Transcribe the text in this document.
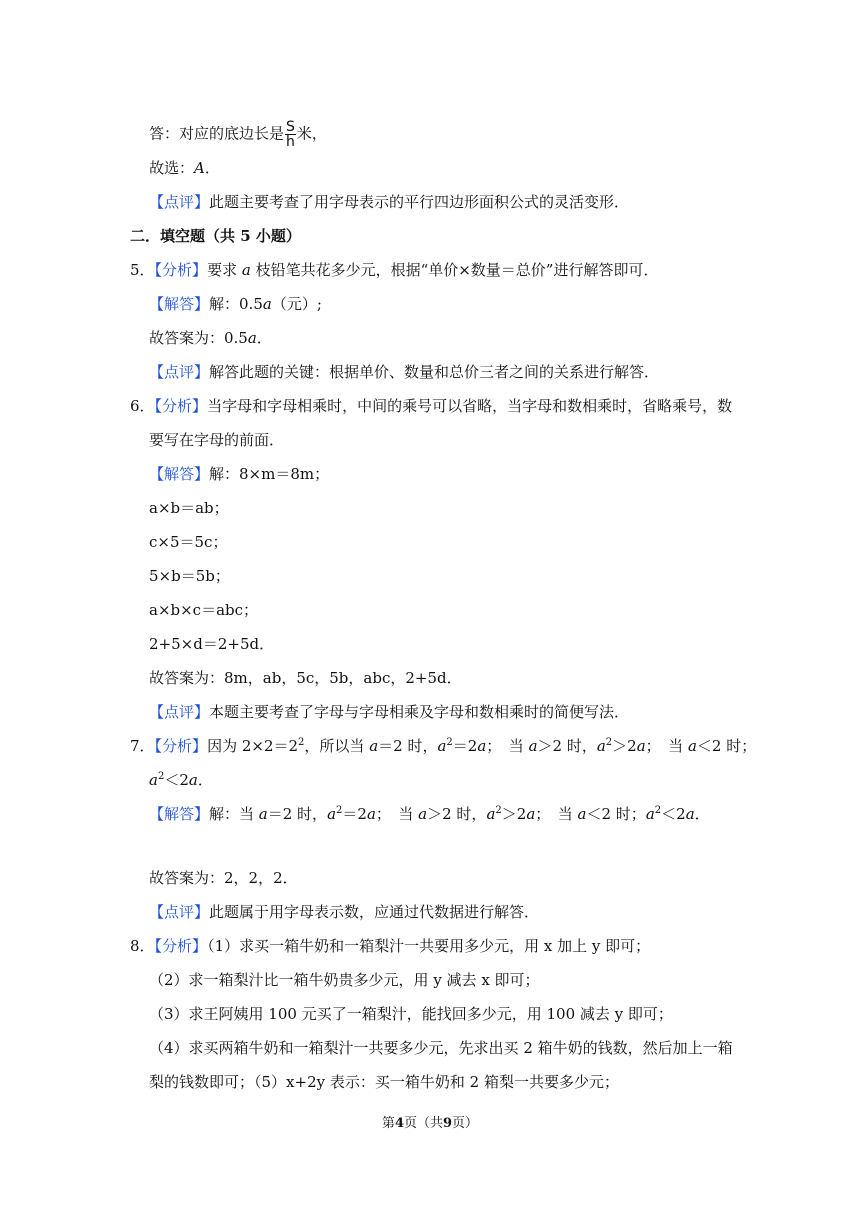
答：对应的底边长是 $\frac{S}{h}$ 米，
故选：A．
【点评】此题主要考查了用字母表示的平行四边形面积公式的灵活变形．
二．填空题（共 5 小题）
5．【分析】要求 a 枝铅笔共花多少元，根据“单价×数量＝总价”进行解答即可．
【解答】解：0.5a（元）;
故答案为：0.5a．
【点评】解答此题的关键：根据单价、数量和总价三者之间的关系进行解答．
6．【分析】当字母和字母相乘时，中间的乘号可以省略，当字母和数相乘时，省略乘号，数
要写在字母的前面．
【解答】解：8×m＝8m；
a×b＝ab；
c×5＝5c；
5×b＝5b；
a×b×c＝abc；
2+5×d＝2+5d．
故答案为：8m，ab，5c，5b，abc，2+5d．
【点评】本题主要考查了字母与字母相乘及字母和数相乘时的简便写法．
7．【分析】因为 $2\times 2=2^2$，所以当 a＝2 时，$a^2=2a$；　当 a＞2 时，$a^2>2a$；　当 a＜2 时；
$a^2<2a$．
【解答】解：当 a＝2 时，$a^2=2a$；　当 a＞2 时，$a^2>2a$；　当 a＜2 时；$a^2<2a$．
故答案为：2，2，2．
【点评】此题属于用字母表示数，应通过代数据进行解答．
8．【分析】（1）求买一箱牛奶和一箱梨汁一共要用多少元，用 x 加上 y 即可；
（2）求一箱梨汁比一箱牛奶贵多少元，用 y 减去 x 即可；
（3）求王阿姨用 100 元买了一箱梨汁，能找回多少元，用 100 减去 y 即可；
（4）求买两箱牛奶和一箱梨汁一共要多少元，先求出买 2 箱牛奶的钱数，然后加上一箱
梨的钱数即可；（5）x+2y 表示：买一箱牛奶和 2 箱梨一共要多少元；
第4页（共9页）
